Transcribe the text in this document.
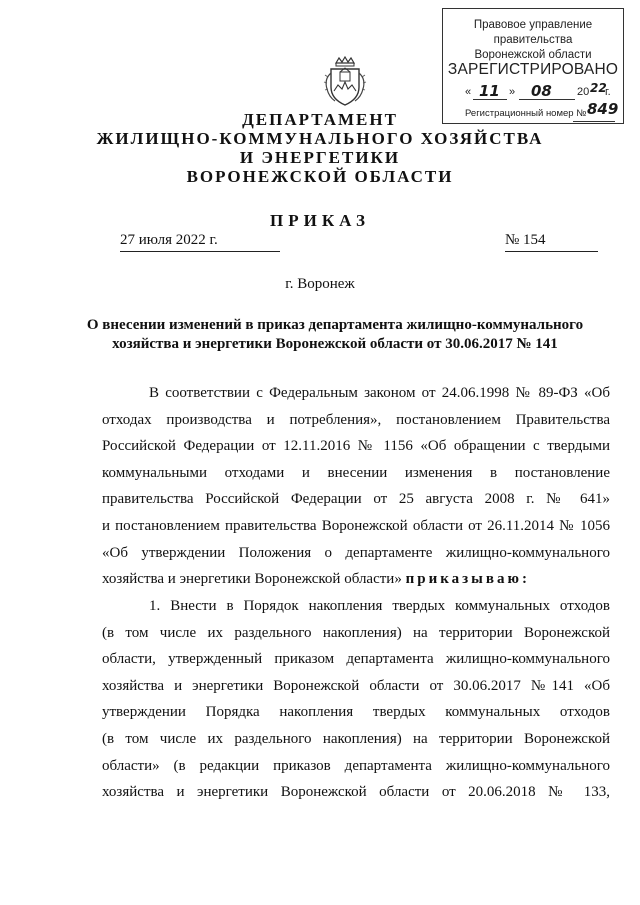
Правовое управление правительства
Воронежской области
ЗАРЕГИСТРИРОВАНО
« 11 » 08 20 22
г.
Регистрационный номер № 849
ДЕПАРТАМЕНТ
ЖИЛИЩНО-КОММУНАЛЬНОГО ХОЗЯЙСТВА
И ЭНЕРГЕТИКИ
ВОРОНЕЖСКОЙ ОБЛАСТИ
ПРИКАЗ
27 июля 2022 г.	№ 154
г. Воронеж
О внесении изменений в приказ департамента жилищно-коммунального
хозяйства и энергетики Воронежской области от 30.06.2017 № 141

В соответствии с Федеральным законом от 24.06.1998 № 89-ФЗ «Об

отходах производства и потребления», постановлением Правительства

Российской Федерации от 12.11.2016 № 1156 «Об обращении с твердыми

коммунальными отходами и внесении изменения в постановление

правительства Российской Федерации от 25 августа 2008 г. № 641»

и постановлением правительства Воронежской области от 26.11.2014 № 1056

«Об утверждении Положения о департаменте жилищно-коммунального

хозяйства и энергетики Воронежской области» приказываю:

1. Внести в Порядок накопления твердых коммунальных отходов

(в том числе их раздельного накопления) на территории Воронежской

области, утвержденный приказом департамента жилищно-коммунального

хозяйства и энергетики Воронежской области от 30.06.2017 №141 «Об

утверждении Порядка накопления твердых коммунальных отходов

(в том числе их раздельного накопления) на территории Воронежской

области» (в редакции приказов департамента жилищно-коммунального

хозяйства и энергетики Воронежской области от 20.06.2018 № 133,
